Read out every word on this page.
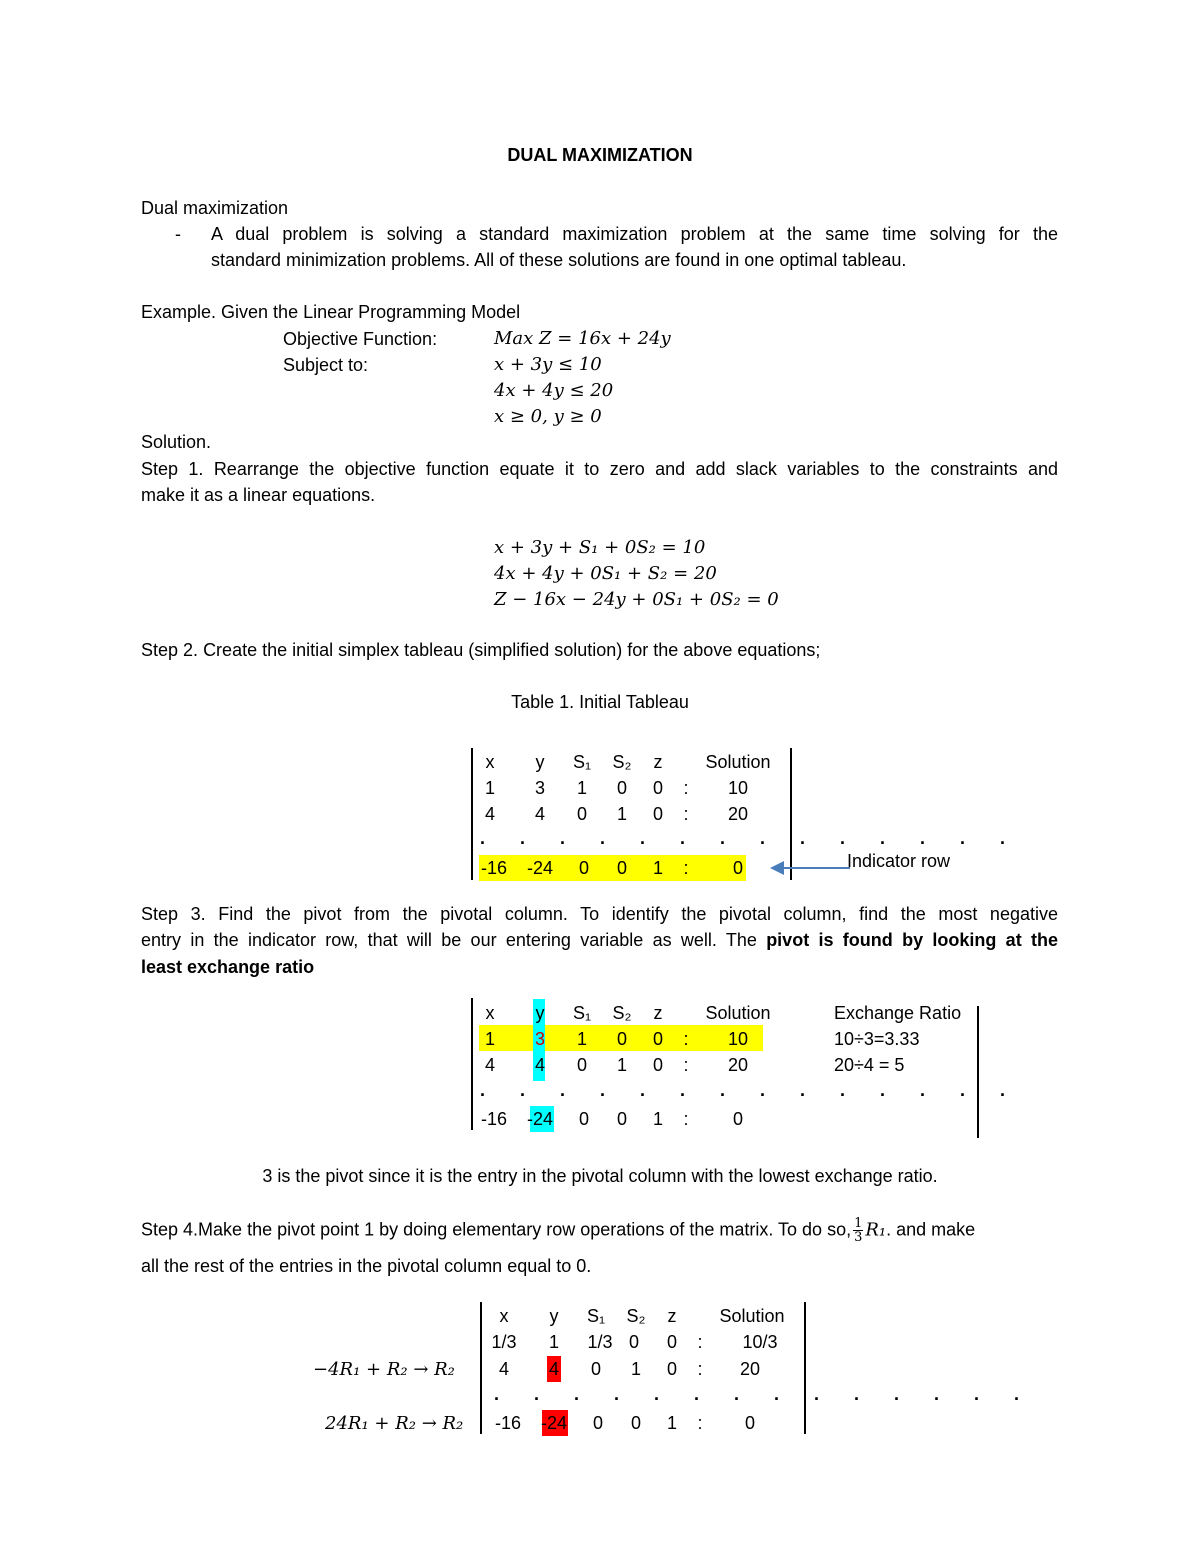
DUAL MAXIMIZATION
Dual maximization
- A dual problem is solving a standard maximization problem at the same time solving for the
standard minimization problems. All of these solutions are found in one optimal tableau.
Example. Given the Linear Programming Model
Objective Function:	Max Z = 16x + 24y
Subject to:	x + 3y ≤ 10
4x + 4y ≤ 20
x ≥ 0, y ≥ 0
Solution.
Step 1. Rearrange the objective function equate it to zero and add slack variables to the constraints and
make it as a linear equations.
x + 3y + S₁ + 0S₂ = 10
4x + 4y + 0S₁ + S₂ = 20
Z − 16x − 24y + 0S₁ + 0S₂ = 0
Step 2. Create the initial simplex tableau (simplified solution) for the above equations;
Table 1. Initial Tableau
x	y	S₁ S₂	z	Solution
1 3 1 0 0	:	10
4 4 0 1 0	:	20
. . . . . . . . . . . . . .
-16 -24 0 0 1	:	0	Indicator row
Step 3. Find the pivot from the pivotal column. To identify the pivotal column, find the most negative
entry in the indicator row, that will be our entering variable as well. The pivot is found by looking at the
least exchange ratio
x	y	S₁ S₂	z	Solution	Exchange Ratio
1 3 1 0 0	:	10	10÷3=3.33
4 4 0 1 0	:	20	20÷4 = 5
. . . . . . . . . . . . . .
-16 -24 0 0 1	:	0
3 is the pivot since it is the entry in the pivotal column with the lowest exchange ratio.
Step 4.Make the pivot point 1 by doing elementary row operations of the matrix. To do so, $\frac{1}{3} R_1$. and make
all the rest of the entries in the pivotal column equal to 0.
−4R₁ + R₂ → R₂
24R₁ + R₂ → R₂
x	y	S₁ S₂	z	Solution
1/3	1	1/3 0 0	:	10/3
4 4 0 1 0	:	20
. . . . . . . . . . . . . .
-16 -24 0 0 1	:	0
